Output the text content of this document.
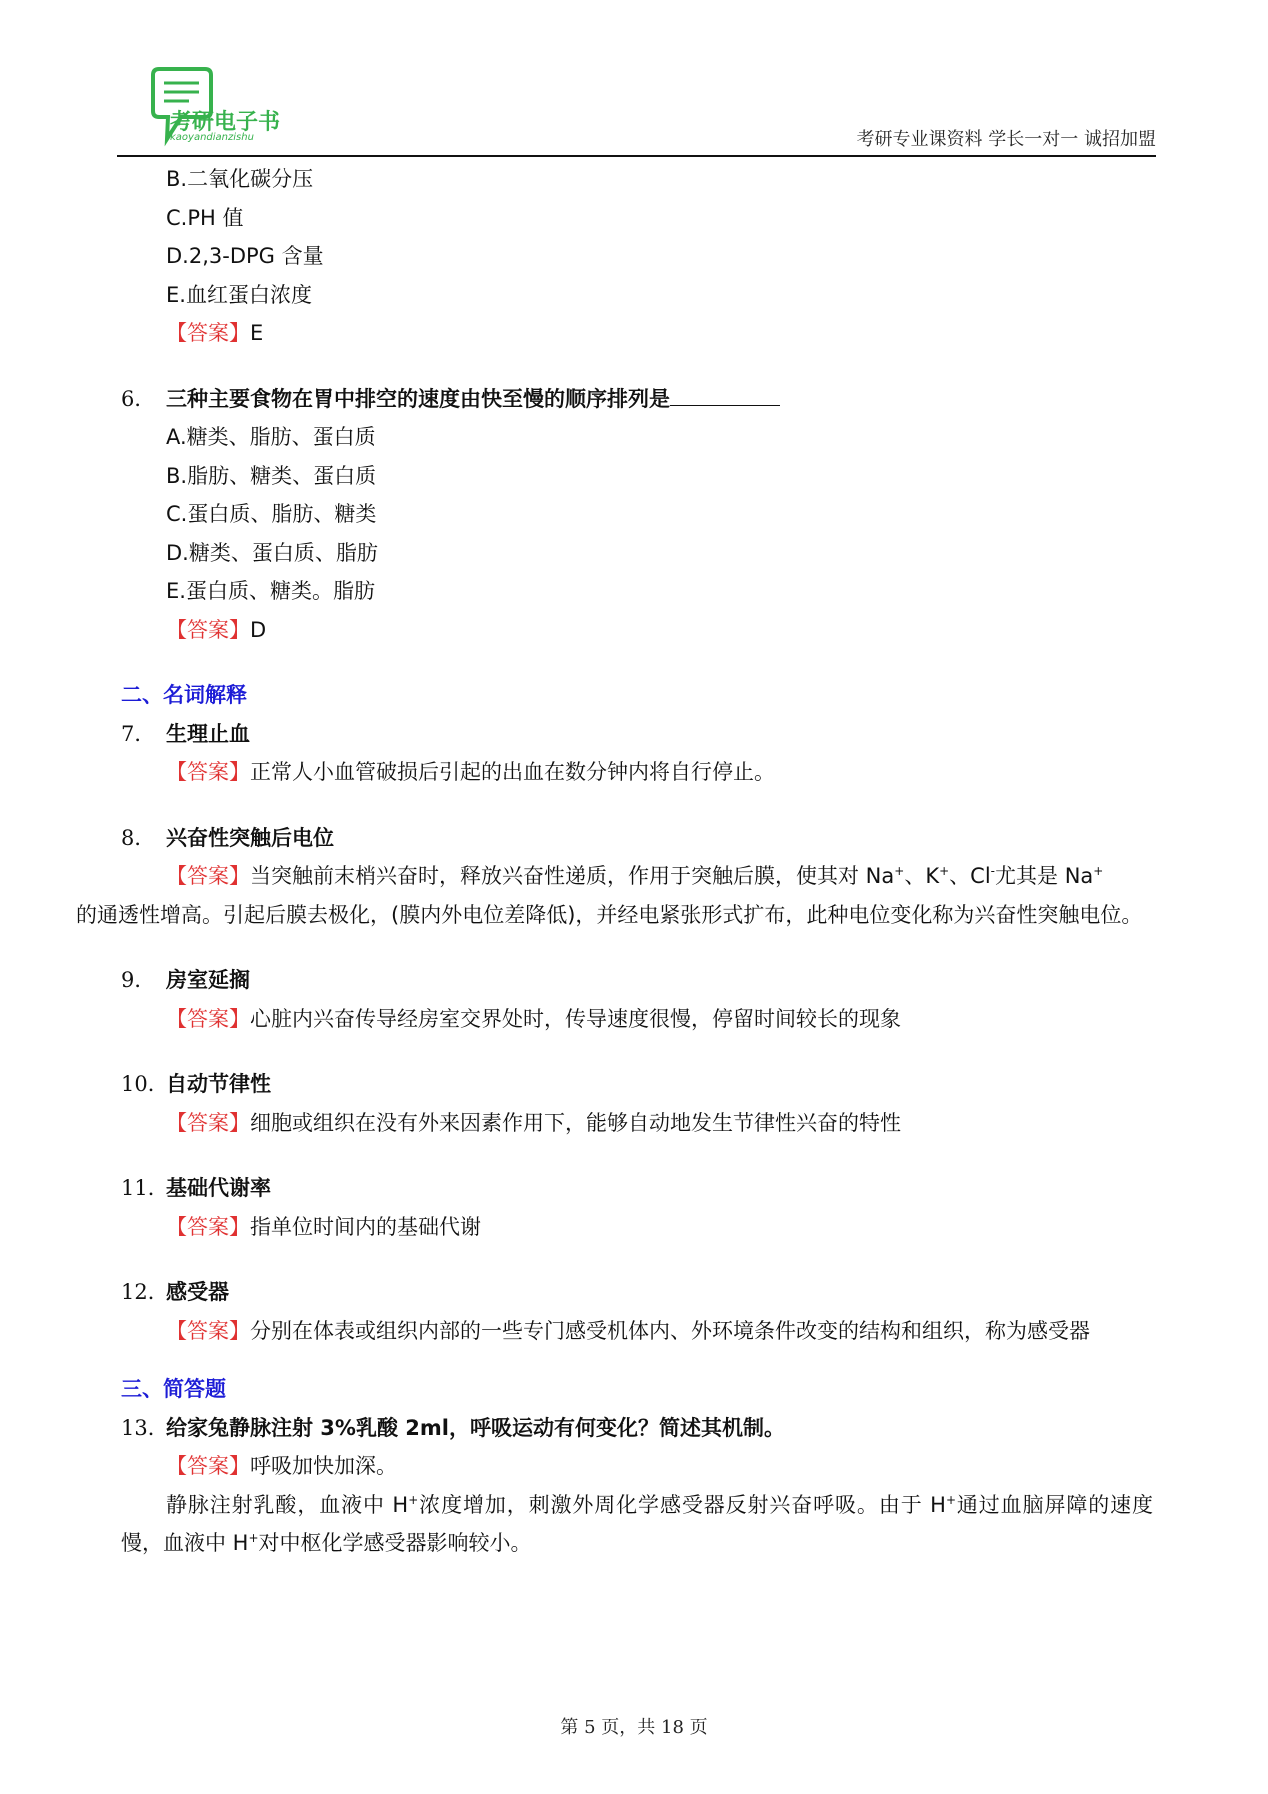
考研电子书
kaoyandianzishu	考研专业课资料 学长一对一 诚招加盟
B.二氧化碳分压
C.PH 值
D.2,3-DPG 含量
E.血红蛋白浓度
【答案】E
6． 三种主要食物在胃中排空的速度由快至慢的顺序排列是
A.糖类、脂肪、蛋白质
B.脂肪、糖类、蛋白质
C.蛋白质、脂肪、糖类
D.糖类、蛋白质、脂肪
E.蛋白质、糖类。脂肪
【答案】D
二、名词解释
7． 生理止血
【答案】正常人小血管破损后引起的出血在数分钟内将自行停止。
8． 兴奋性突触后电位
【答案】当突触前末梢兴奋时，释放兴奋性递质，作用于突触后膜，使其对 Na+、K+、Cl-尤其是 Na+
的通透性增高。引起后膜去极化，(膜内外电位差降低)，并经电紧张形式扩布，此种电位变化称为兴奋性突触电位。
9． 房室延搁
【答案】心脏内兴奋传导经房室交界处时，传导速度很慢，停留时间较长的现象
10．
自动节律性
【答案】细胞或组织在没有外来因素作用下，能够自动地发生节律性兴奋的特性
11．
基础代谢率
【答案】指单位时间内的基础代谢
12．
感受器
【答案】分别在体表或组织内部的一些专门感受机体内、外环境条件改变的结构和组织，称为感受器
三、简答题
13．
给家兔静脉注射 3%乳酸 2ml，呼吸运动有何变化？简述其机制。
【答案】呼吸加快加深。
静脉注射乳酸，血液中 H+浓度增加，刺激外周化学感受器反射兴奋呼吸。由于 H+通过血脑屏障的速度慢，血液中 H+对中枢化学感受器影响较小。
第 5 页，共 18 页
